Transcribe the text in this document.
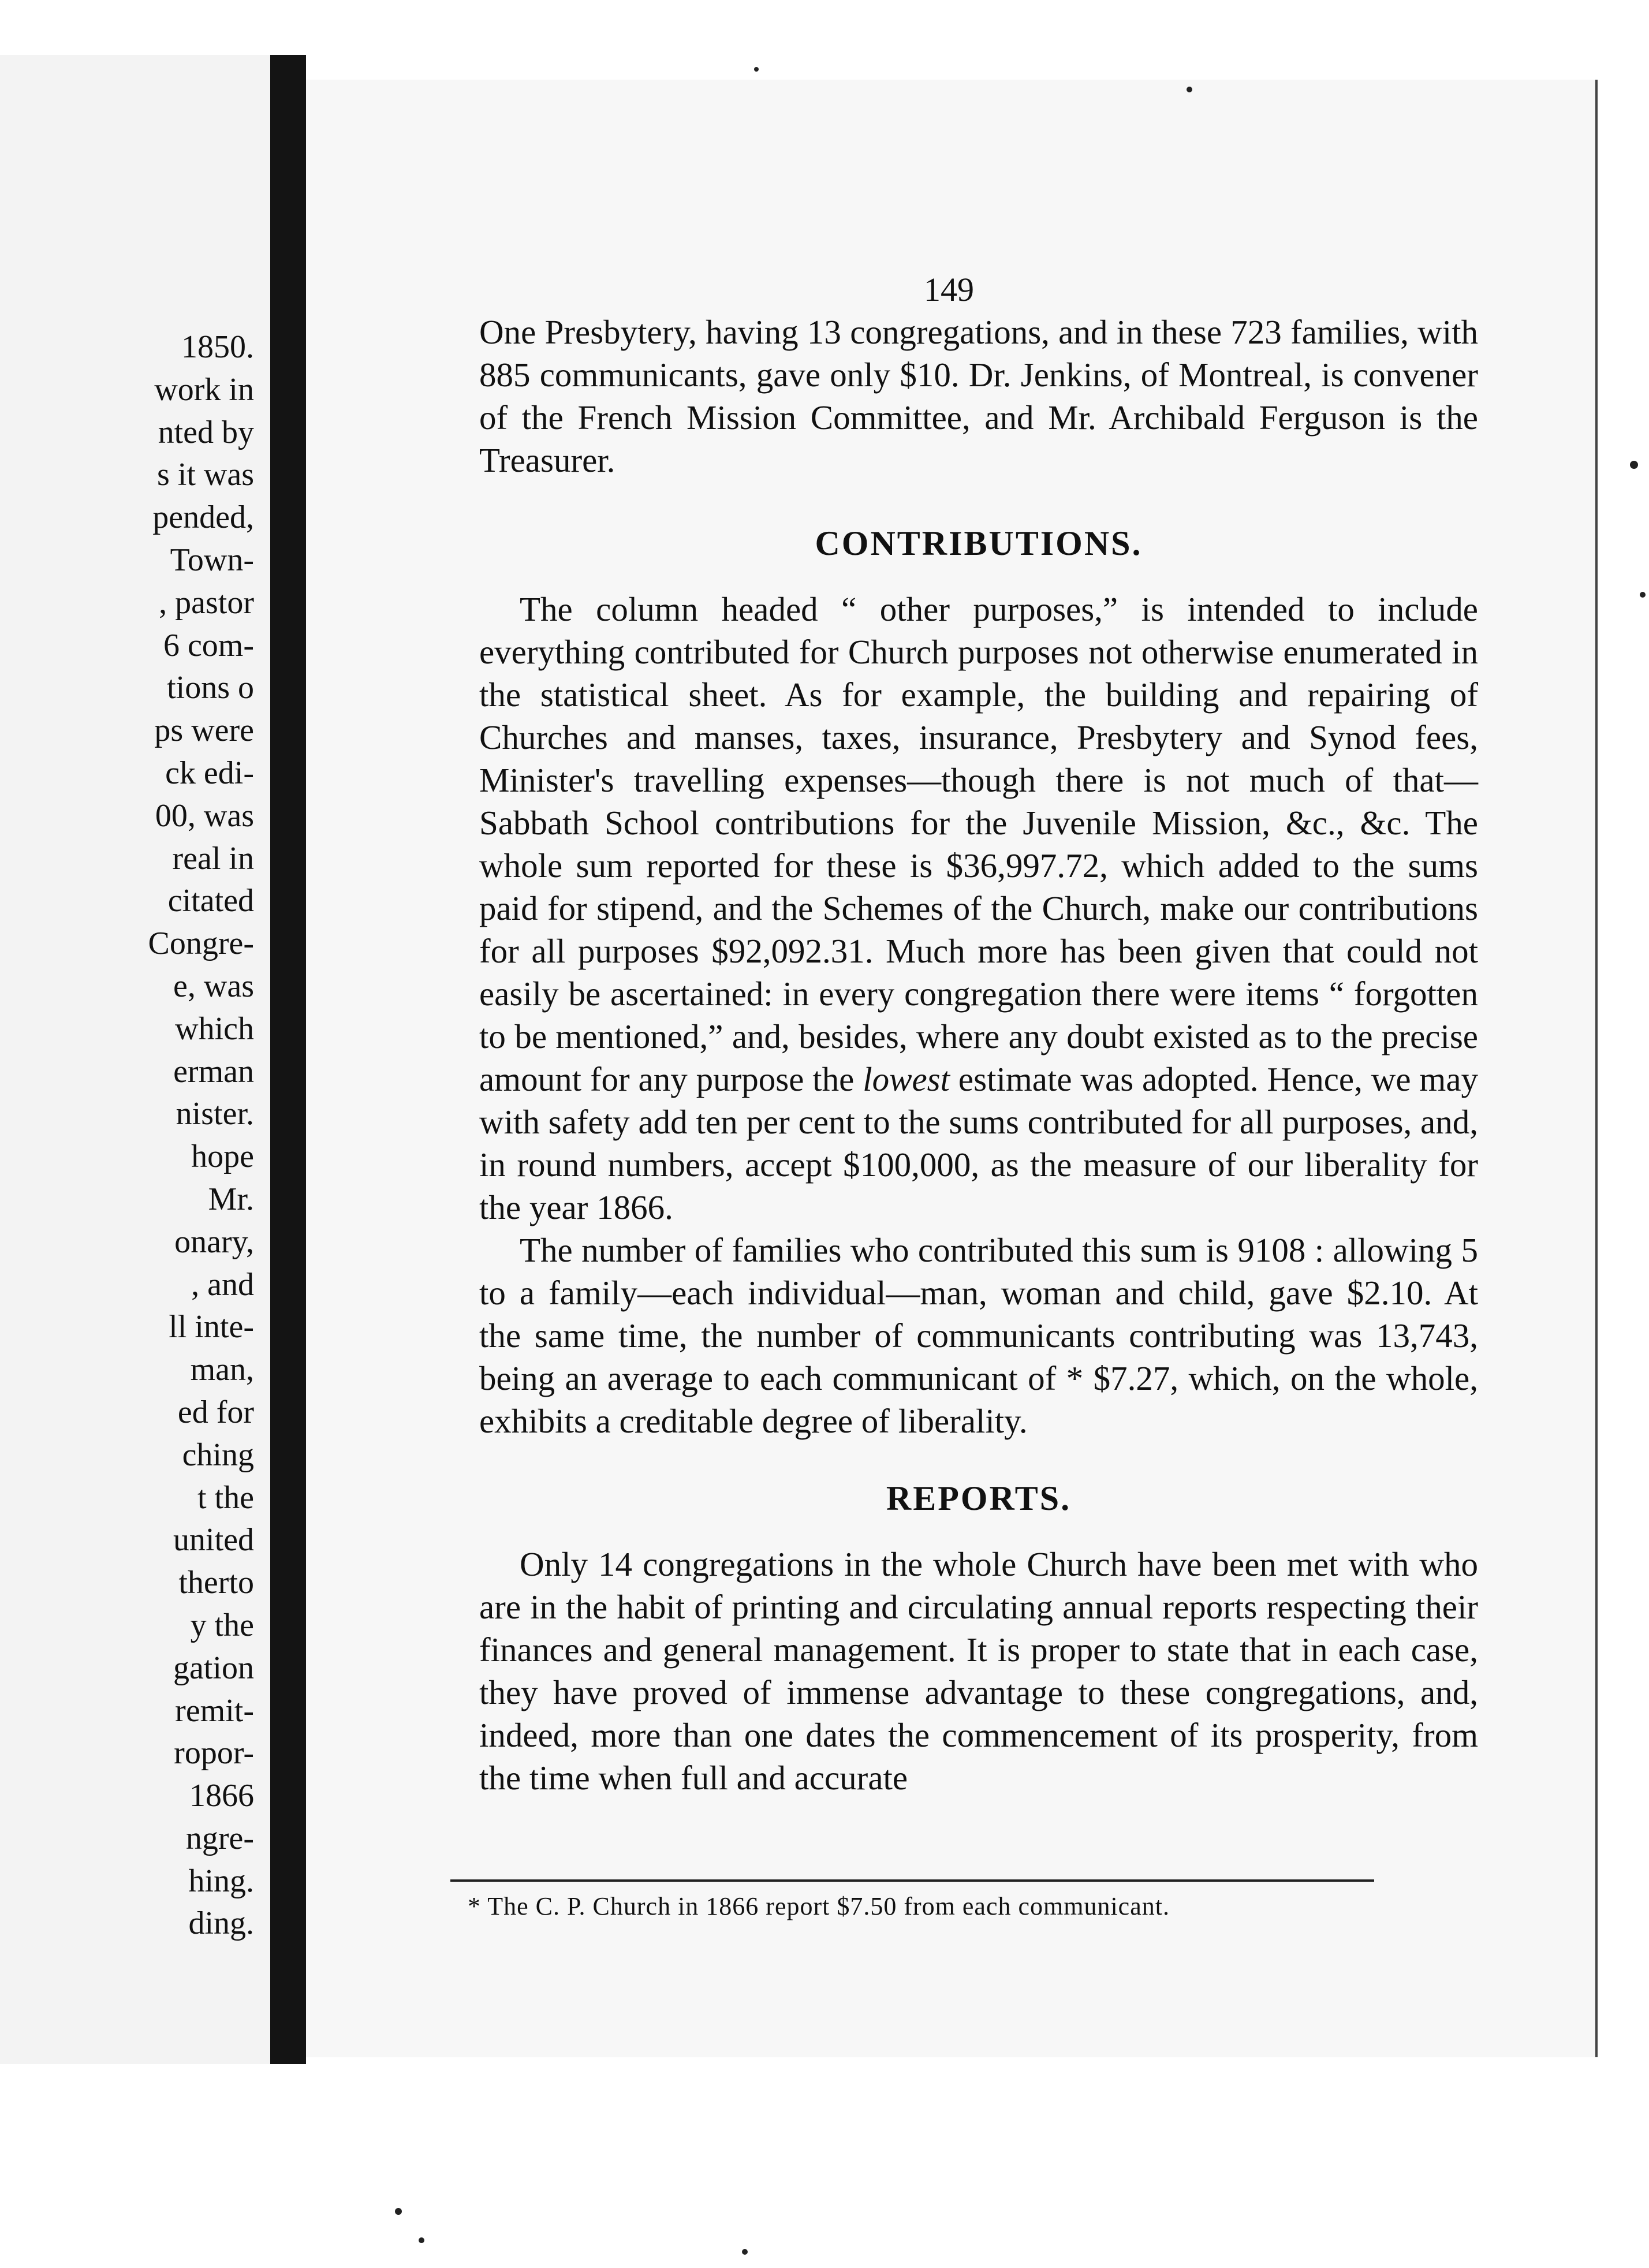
1850.
work in
nted by
s it was
pended,
Town-
, pastor
6 com-
tions o
ps were
ck edi-
00, was
real in
citated
Congre-
e, was
which
erman
nister.
hope
Mr.
onary,
, and
ll inte-
man,
ed for
ching
t the
united
therto
y the
gation
remit-
ropor-
1866
ngre-
hing.
ding.
149

One Presbytery, having 13 congregations, and in these 723 families, with 885 communicants, gave only $10. Dr. Jenkins, of Montreal, is convener of the French Mission Committee, and Mr. Archibald Ferguson is the Treasurer.

CONTRIBUTIONS.

The column headed “ other purposes,” is intended to include everything contributed for Church purposes not otherwise enumerated in the statistical sheet. As for example, the building and repairing of Churches and manses, taxes, insurance, Presbytery and Synod fees, Minister's travelling expenses—though there is not much of that—Sabbath School contributions for the Juvenile Mission, &c., &c. The whole sum reported for these is $36,997.72, which added to the sums paid for stipend, and the Schemes of the Church, make our contributions for all purposes $92,092.31. Much more has been given that could not easily be ascertained: in every congregation there were items “ forgotten to be mentioned,” and, besides, where any doubt existed as to the precise amount for any purpose the lowest estimate was adopted. Hence, we may with safety add ten per cent to the sums contributed for all purposes, and, in round numbers, accept $100,000, as the measure of our liberality for the year 1866.

The number of families who contributed this sum is 9108 : allowing 5 to a family—each individual—man, woman and child, gave $2.10. At the same time, the number of communicants contributing was 13,743, being an average to each communicant of * $7.27, which, on the whole, exhibits a creditable degree of liberality.

REPORTS.

Only 14 congregations in the whole Church have been met with who are in the habit of printing and circulating annual reports respecting their finances and general management. It is proper to state that in each case, they have proved of immense advantage to these congregations, and, indeed, more than one dates the commencement of its prosperity, from the time when full and accurate

* The C. P. Church in 1866 report $7.50 from each communicant.
